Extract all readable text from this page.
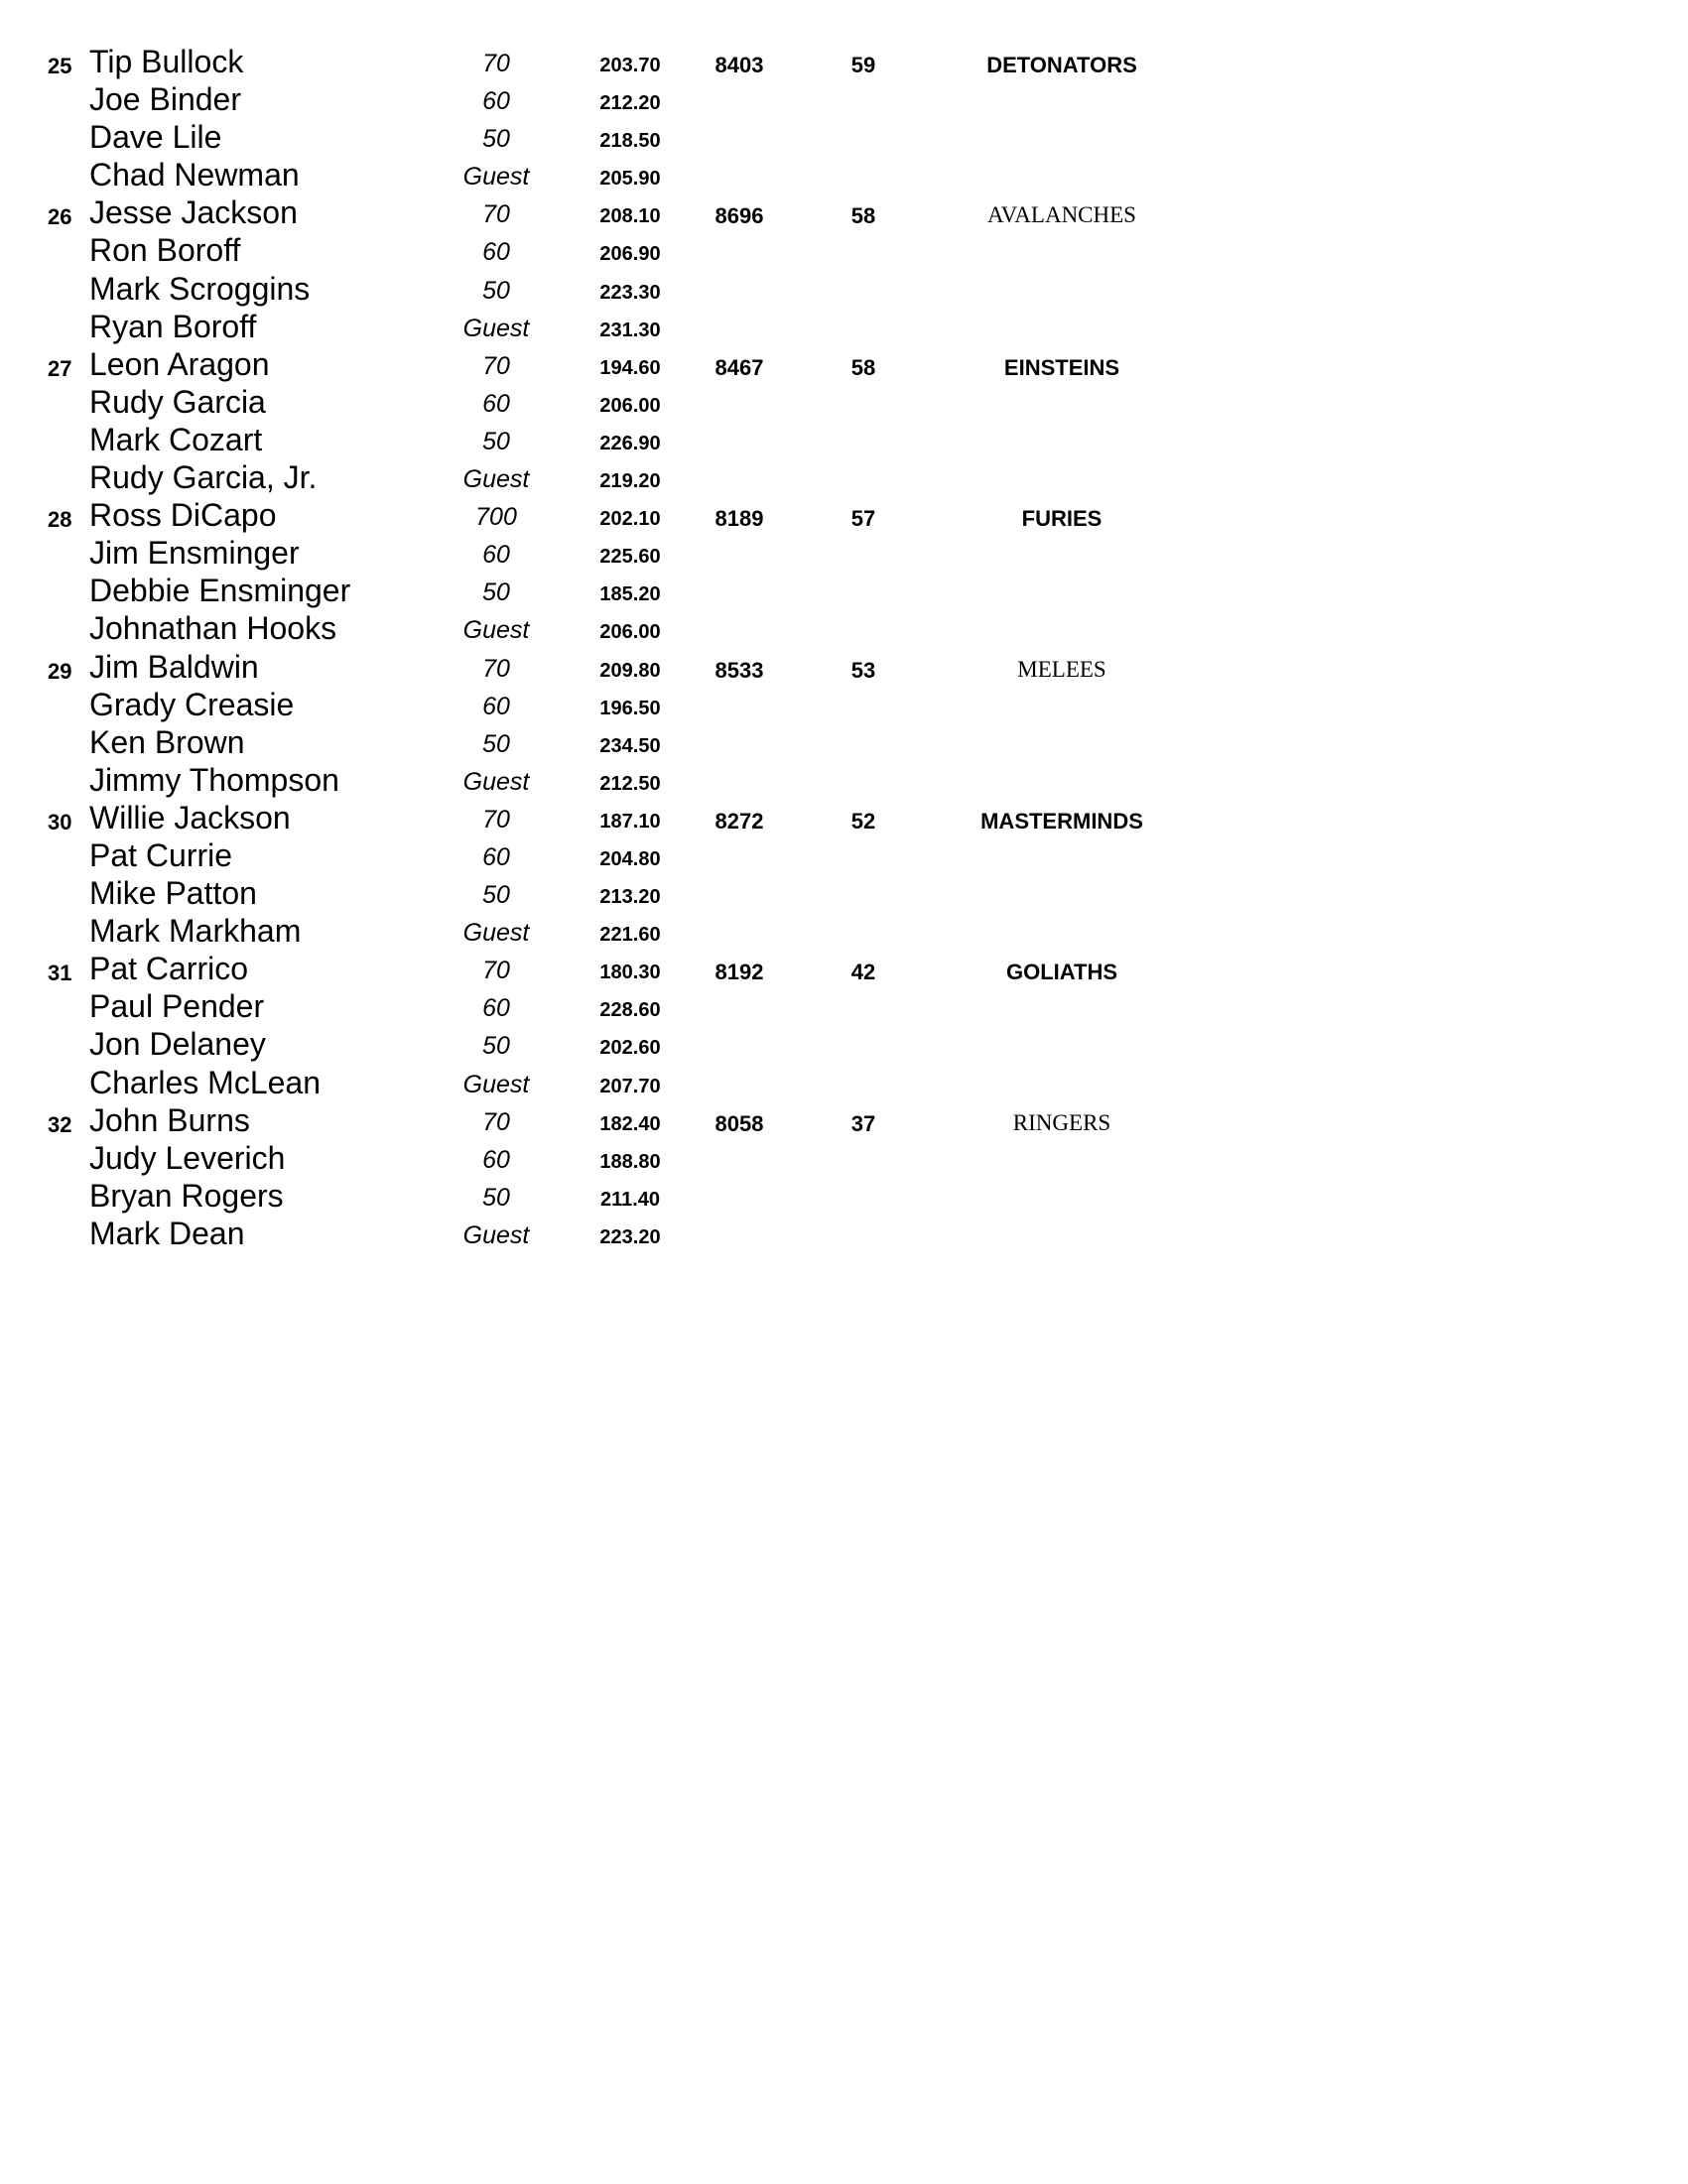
25 Tip Bullock	70	203.70	8403	59	DETONATORS
Joe Binder	60	212.20
Dave Lile	50	218.50
Chad Newman	Guest	205.90
26 Jesse Jackson	70	208.10	8696	58	AVALANCHES
Ron Boroff	60	206.90
Mark Scroggins	50	223.30
Ryan Boroff	Guest	231.30
27 Leon Aragon	70	194.60	8467	58	EINSTEINS
Rudy Garcia	60	206.00
Mark Cozart	50	226.90
Rudy Garcia, Jr.	Guest	219.20
28 Ross DiCapo	700	202.10	8189	57	FURIES
Jim Ensminger	60	225.60
Debbie Ensminger	50	185.20
Johnathan Hooks	Guest	206.00
29 Jim Baldwin	70	209.80	8533	53	MELEES
Grady Creasie	60	196.50
Ken Brown	50	234.50
Jimmy Thompson	Guest	212.50
30 Willie Jackson	70	187.10	8272	52	MASTERMINDS
Pat Currie	60	204.80
Mike Patton	50	213.20
Mark Markham	Guest	221.60
31 Pat Carrico	70	180.30	8192	42	GOLIATHS
Paul Pender	60	228.60
Jon Delaney	50	202.60
Charles McLean	Guest	207.70
32 John Burns	70	182.40	8058	37	RINGERS
Judy Leverich	60	188.80
Bryan Rogers	50	211.40
Mark Dean	Guest	223.20
